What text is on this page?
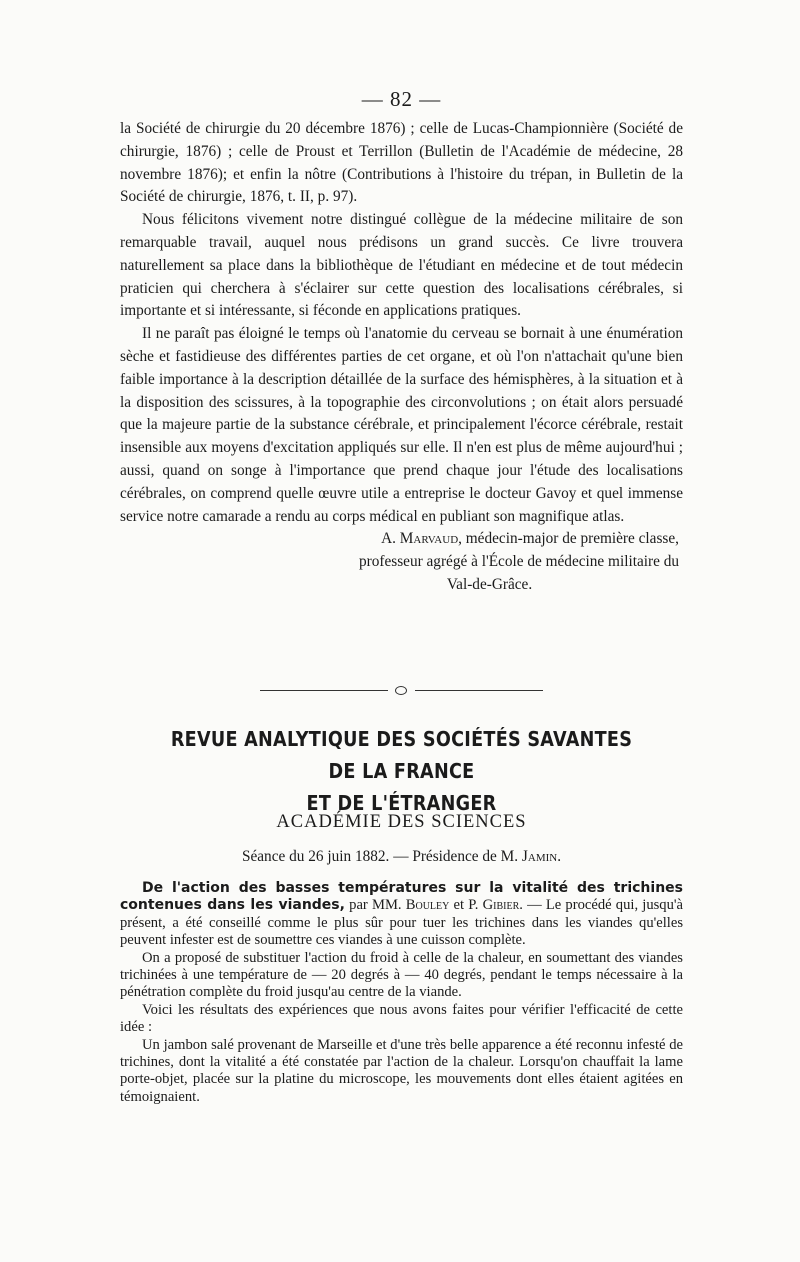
— 82 —

la Société de chirurgie du 20 décembre 1876) ; celle de Lucas-Championnière (Société de chirurgie, 1876) ; celle de Proust et Terrillon (Bulletin de l'Académie de médecine, 28 novembre 1876); et enfin la nôtre (Contributions à l'histoire du trépan, in Bulletin de la Société de chirurgie, 1876, t. II, p. 97).

Nous félicitons vivement notre distingué collègue de la médecine militaire de son remarquable travail, auquel nous prédisons un grand succès. Ce livre trouvera naturellement sa place dans la bibliothèque de l'étudiant en médecine et de tout médecin praticien qui cherchera à s'éclairer sur cette question des localisations cérébrales, si importante et si intéressante, si féconde en applications pratiques.

Il ne paraît pas éloigné le temps où l'anatomie du cerveau se bornait à une énumération sèche et fastidieuse des différentes parties de cet organe, et où l'on n'attachait qu'une bien faible importance à la description détaillée de la surface des hémisphères, à la situation et à la disposition des scissures, à la topographie des circonvolutions ; on était alors persuadé que la majeure partie de la substance cérébrale, et principalement l'écorce cérébrale, restait insensible aux moyens d'excitation appliqués sur elle. Il n'en est plus de même aujourd'hui ; aussi, quand on songe à l'importance que prend chaque jour l'étude des localisations cérébrales, on comprend quelle œuvre utile a entreprise le docteur Gavoy et quel immense service notre camarade a rendu au corps médical en publiant son magnifique atlas.

A. Marvaud, médecin-major de première classe,
professeur agrégé à l'École de médecine militaire du
Val-de-Grâce.

REVUE ANALYTIQUE DES SOCIÉTÉS SAVANTES DE LA FRANCE
ET DE L'ÉTRANGER
ACADÉMIE DES SCIENCES
Séance du 26 juin 1882. — Présidence de M. Jamin.

De l'action des basses températures sur la vitalité des trichines contenues dans les viandes, par MM. Bouley et P. Gibier. — Le procédé qui, jusqu'à présent, a été conseillé comme le plus sûr pour tuer les trichines dans les viandes qu'elles peuvent infester est de soumettre ces viandes à une cuisson complète.

On a proposé de substituer l'action du froid à celle de la chaleur, en soumettant des viandes trichinées à une température de — 20 degrés à — 40 degrés, pendant le temps nécessaire à la pénétration complète du froid jusqu'au centre de la viande.

Voici les résultats des expériences que nous avons faites pour vérifier l'efficacité de cette idée :

Un jambon salé provenant de Marseille et d'une très belle apparence a été reconnu infesté de trichines, dont la vitalité a été constatée par l'action de la chaleur. Lorsqu'on chauffait la lame porte-objet, placée sur la platine du microscope, les mouvements dont elles étaient agitées en témoignaient.
